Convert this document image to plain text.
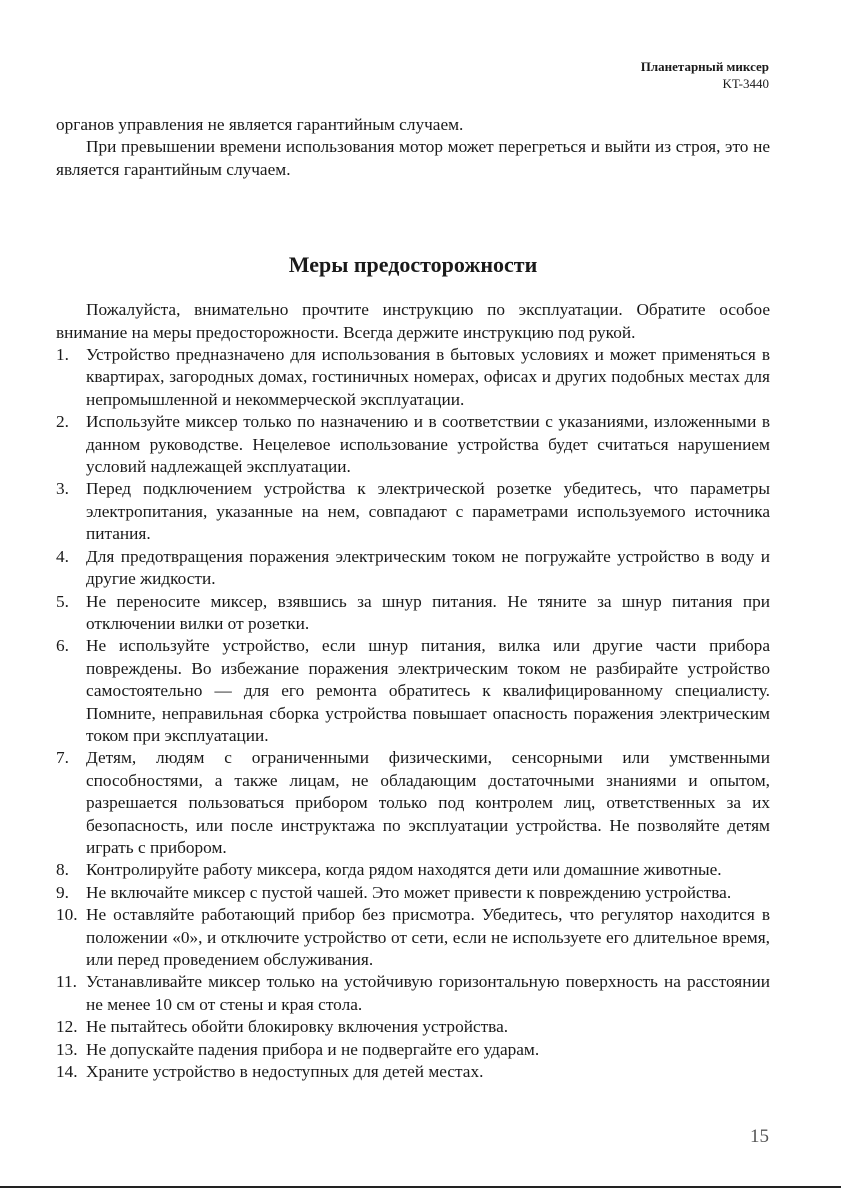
Планетарный миксер
KT-3440

органов управления не является гарантийным случаем.

При превышении времени использования мотор может перегреться и выйти из строя, это не является гарантийным случаем.

Меры предосторожности

Пожалуйста, внимательно прочтите инструкцию по эксплуатации. Обратите особое внимание на меры предосторожности. Всегда держите инструкцию под рукой.

1. Устройство предназначено для использования в бытовых условиях и может применяться в квартирах, загородных домах, гостиничных номерах, офисах и других подобных местах для непромышленной и некоммерческой эксплуатации.
2. Используйте миксер только по назначению и в соответствии с указаниями, изложенными в данном руководстве. Нецелевое использование устройства будет считаться нарушением условий надлежащей эксплуатации.
3. Перед подключением устройства к электрической розетке убедитесь, что параметры электропитания, указанные на нем, совпадают с параметрами используемого источника питания.
4. Для предотвращения поражения электрическим током не погружайте устройство в воду и другие жидкости.
5. Не переносите миксер, взявшись за шнур питания. Не тяните за шнур питания при отключении вилки от розетки.
6. Не используйте устройство, если шнур питания, вилка или другие части прибора повреждены. Во избежание поражения электрическим током не разбирайте устройство самостоятельно — для его ремонта обратитесь к квалифицированному специалисту. Помните, неправильная сборка устройства повышает опасность поражения электрическим током при эксплуатации.
7. Детям, людям с ограниченными физическими, сенсорными или умственными способностями, а также лицам, не обладающим достаточными знаниями и опытом, разрешается пользоваться прибором только под контролем лиц, ответственных за их безопасность, или после инструктажа по эксплуатации устройства. Не позволяйте детям играть с прибором.
8. Контролируйте работу миксера, когда рядом находятся дети или домашние животные.
9. Не включайте миксер с пустой чашей. Это может привести к повреждению устройства.
10. Не оставляйте работающий прибор без присмотра. Убедитесь, что регулятор находится в положении «0», и отключите устройство от сети, если не используете его длительное время, или перед проведением обслуживания.
11. Устанавливайте миксер только на устойчивую горизонтальную поверхность на расстоянии не менее 10 см от стены и края стола.
12. Не пытайтесь обойти блокировку включения устройства.
13. Не допускайте падения прибора и не подвергайте его ударам.
14. Храните устройство в недоступных для детей местах.
15
